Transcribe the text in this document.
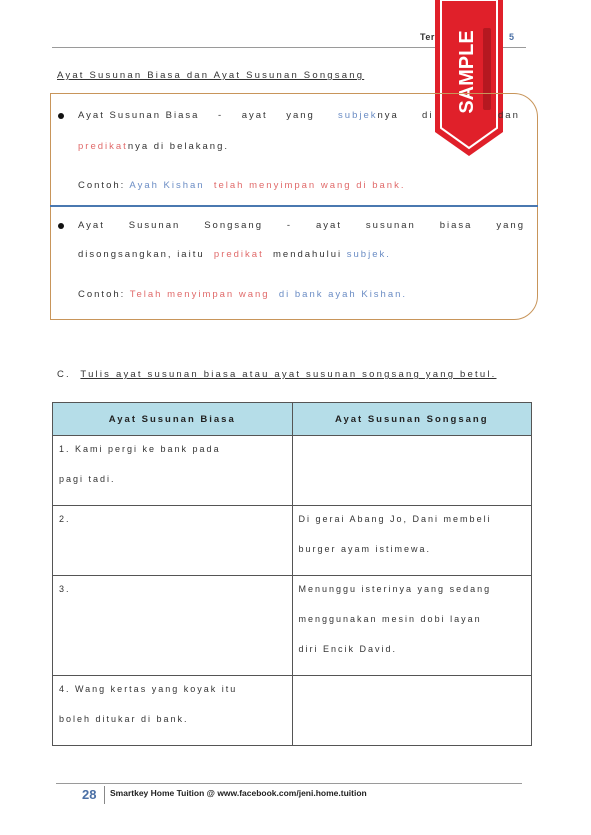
Ter	5
SAMPLE
Ayat Susunan Biasa dan Ayat Susunan Songsang
Ayat Susunan Biasa - ayat yang subjeknya di	dan
predikatnya di belakang.
Contoh: Ayah Kishan telah menyimpan wang di bank.
Ayat	Susunan	Songsang	-	ayat	susunan	biasa	yang
disongsangkan, iaitu predikat mendahului subjek.
Contoh: Telah menyimpan wang di bank ayah Kishan.
C. Tulis ayat susunan biasa atau ayat susunan songsang yang betul.
Ayat Susunan Biasa	Ayat Susunan Songsang

1. Kami pergi ke bank pada
pagi tadi.	

2.	Di gerai Abang Jo, Dani membeli
burger ayam istimewa.

3.	Menunggu isterinya yang sedang
menggunakan mesin dobi layan
diri Encik David.

4. Wang kertas yang koyak itu
boleh ditukar di bank.	

28 Smartkey Home Tuition @ www.facebook.com/jeni.home.tuition
